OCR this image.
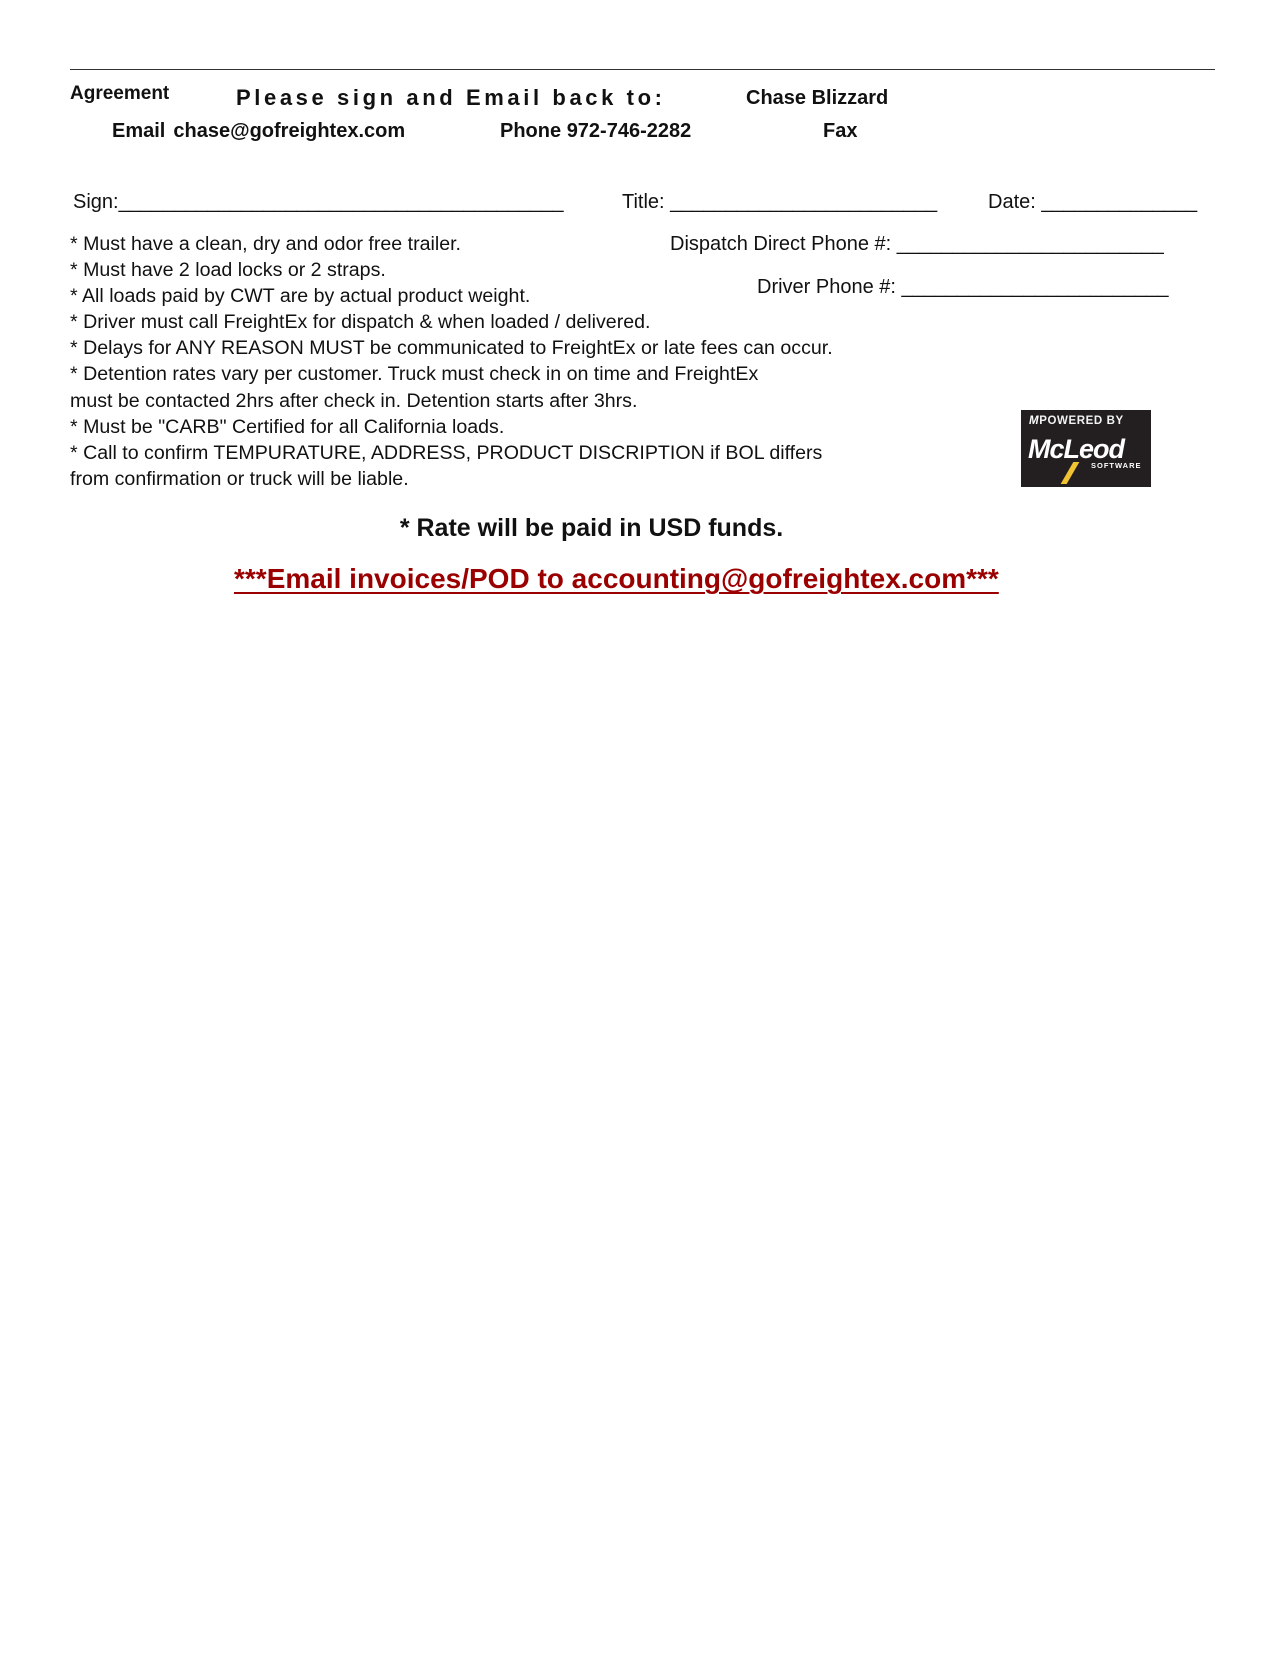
Agreement	Please sign and Email back to:	Chase Blizzard
Email chase@gofreightex.com	Phone 972-746-2282	Fax
Sign:________________________________________	Title: ________________________	Date: ______________
Dispatch Direct Phone #: ________________________
Driver Phone #: ________________________
* Must have a clean, dry and odor free trailer.
* Must have 2 load locks or 2 straps.
* All loads paid by CWT are by actual product weight.
* Driver must call FreightEx for dispatch & when loaded / delivered.
* Delays for ANY REASON MUST be communicated to FreightEx or late fees can occur.
* Detention rates vary per customer. Truck must check in on time and FreightEx
must be contacted 2hrs after check in. Detention starts after 3hrs.
* Must be "CARB" Certified for all California loads.
* Call to confirm TEMPURATURE, ADDRESS, PRODUCT DISCRIPTION if BOL differs
from confirmation or truck will be liable.
MPOWERED BY
McLeod
SOFTWARE
* Rate will be paid in USD funds.
***Email invoices/POD to accounting@gofreightex.com***
